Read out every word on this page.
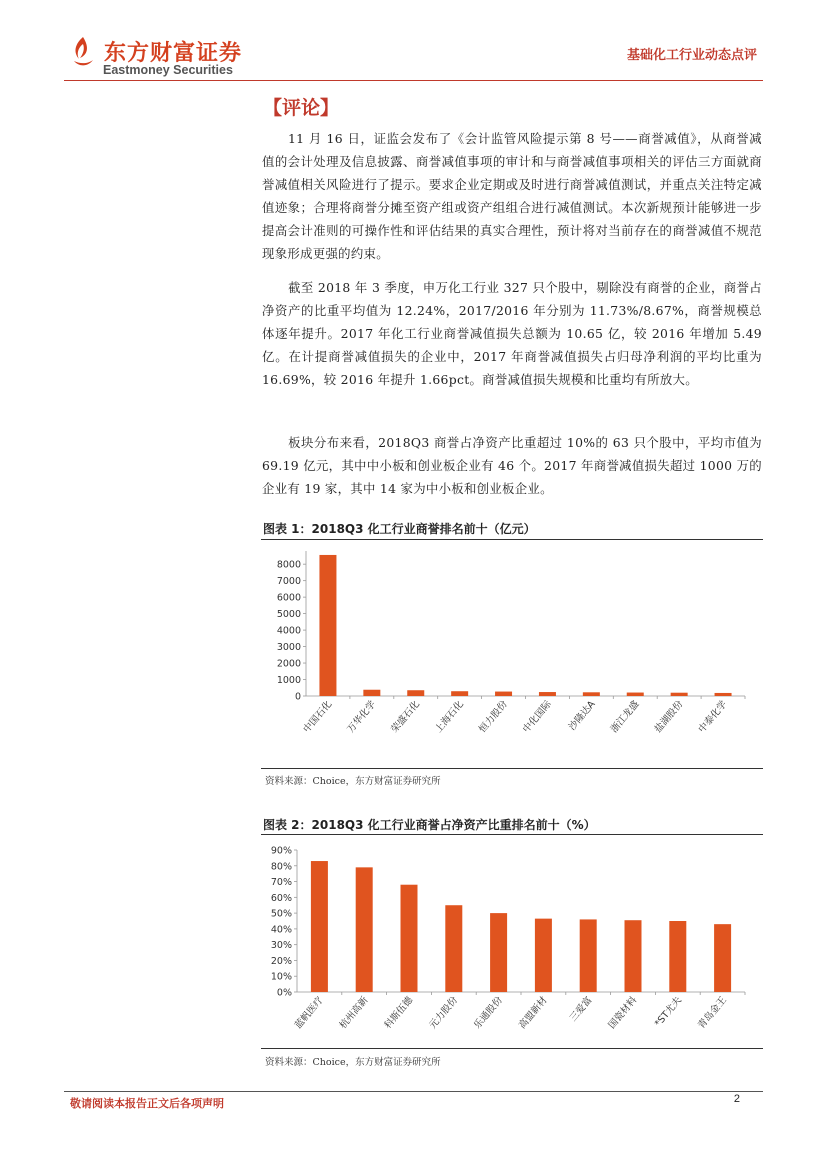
东方财富证券
Eastmoney Securities
基础化工行业动态点评
【评论】

11 月 16 日，证监会发布了《会计监管风险提示第 8 号——商誉减值》，从商誉减值的会计处理及信息披露、商誉减值事项的审计和与商誉减值事项相关的评估三方面就商誉减值相关风险进行了提示。要求企业定期或及时进行商誉减值测试，并重点关注特定减值迹象；合理将商誉分摊至资产组或资产组组合进行减值测试。本次新规预计能够进一步提高会计准则的可操作性和评估结果的真实合理性，预计将对当前存在的商誉减值不规范现象形成更强的约束。

截至 2018 年 3 季度，申万化工行业 327 只个股中，剔除没有商誉的企业，商誉占净资产的比重平均值为 12.24%，2017/2016 年分别为 11.73%/8.67%，商誉规模总体逐年提升。2017 年化工行业商誉减值损失总额为 10.65 亿，较 2016 年增加 5.49 亿。在计提商誉减值损失的企业中，2017 年商誉减值损失占归母净利润的平均比重为 16.69%，较 2016 年提升 1.66pct。商誉减值损失规模和比重均有所放大。

板块分布来看，2018Q3 商誉占净资产比重超过 10%的 63 只个股中，平均市值为 69.19 亿元，其中中小板和创业板企业有 46 个。2017 年商誉减值损失超过 1000 万的企业有 19 家，其中 14 家为中小板和创业板企业。

图表 1：2018Q3 化工行业商誉排名前十（亿元）
0
1000
2000
3000
4000
5000
6000
7000
8000
中国石化 万华化学 荣盛石化 上海石化 恒力股份 中化国际 沙隆达A 浙江龙盛 盐湖股份 中泰化学
资料来源：Choice，东方财富证券研究所
图表 2：2018Q3 化工行业商誉占净资产比重排名前十（%）
0%
10%
20%
30%
40%
50%
60%
70%
80%
90%
蓝帆医疗 杭州高新 科斯伍德 元力股份 乐通股份 高盟新材 三爱富 国瓷材料 *ST尤夫 青岛金王
资料来源：Choice，东方财富证券研究所
敬请阅读本报告正文后各项声明	2
